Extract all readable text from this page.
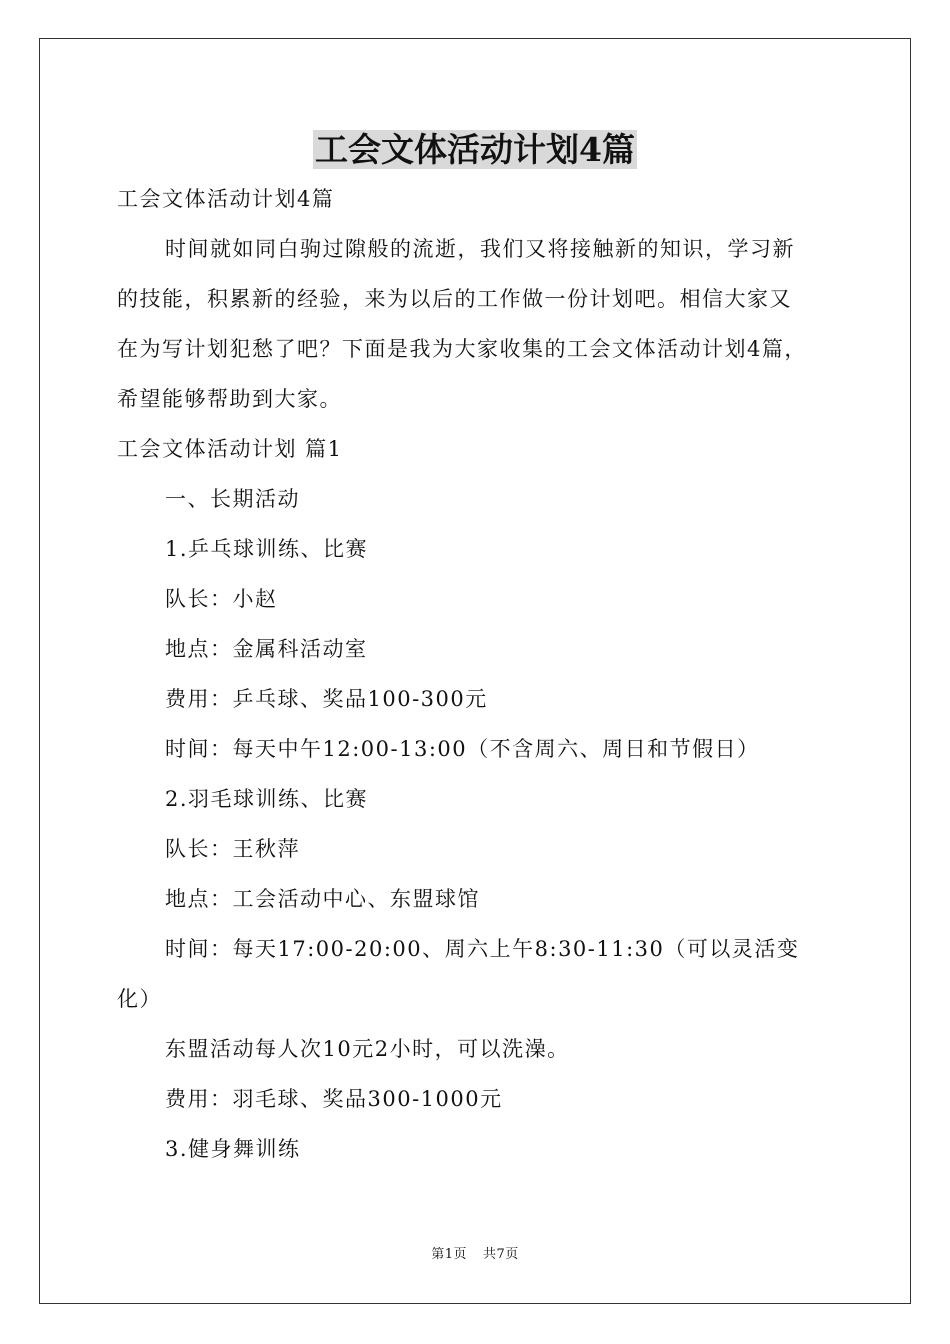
工会文体活动计划4篇
工会文体活动计划4篇
时间就如同白驹过隙般的流逝，我们又将接触新的知识，学习新
的技能，积累新的经验，来为以后的工作做一份计划吧。相信大家又
在为写计划犯愁了吧？下面是我为大家收集的工会文体活动计划4篇，
希望能够帮助到大家。
工会文体活动计划 篇1
一、长期活动
1.乒乓球训练、比赛
队长：小赵
地点：金属科活动室
费用：乒乓球、奖品100-300元
时间：每天中午12:00-13:00（不含周六、周日和节假日）
2.羽毛球训练、比赛
队长：王秋萍
地点：工会活动中心、东盟球馆
时间：每天17:00-20:00、周六上午8:30-11:30（可以灵活变
化）
东盟活动每人次10元2小时，可以洗澡。
费用：羽毛球、奖品300-1000元
3.健身舞训练
第1页 共7页
